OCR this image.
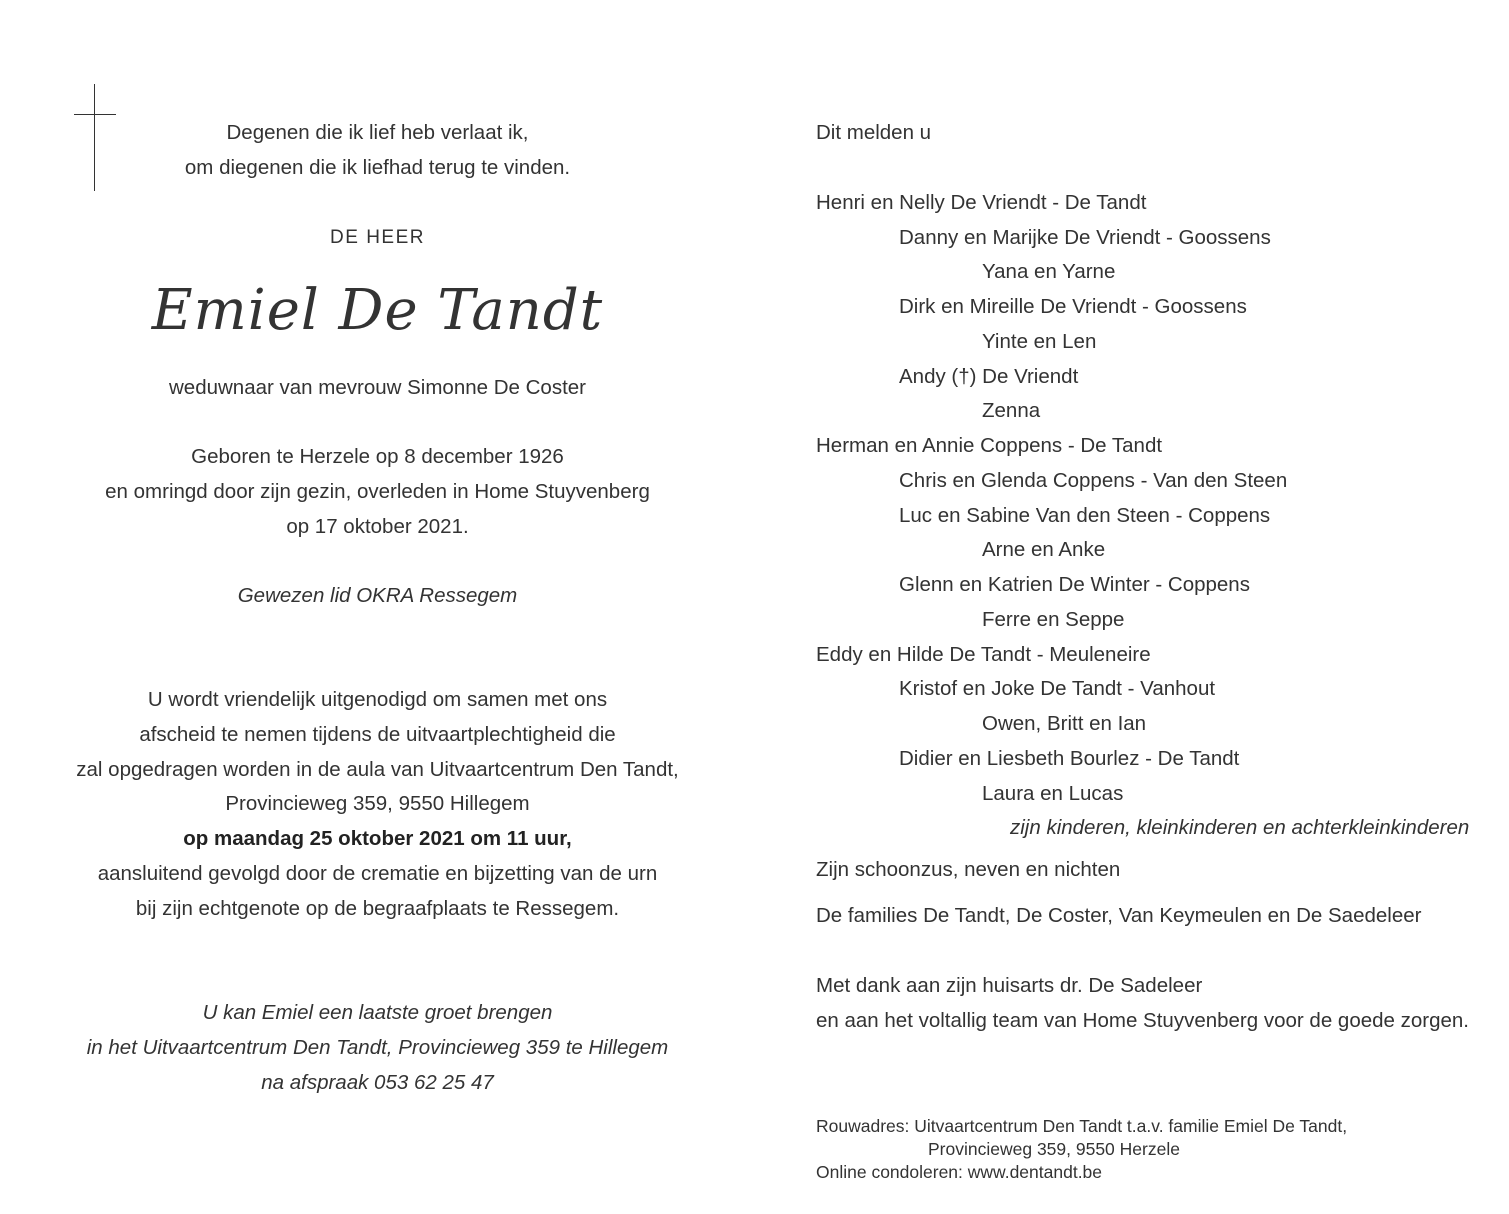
Degenen die ik lief heb verlaat ik,
om diegenen die ik liefhad terug te vinden.
DE HEER
Emiel De Tandt
weduwnaar van mevrouw Simonne De Coster
Geboren te Herzele op 8 december 1926
en omringd door zijn gezin, overleden in Home Stuyvenberg
op 17 oktober 2021.
Gewezen lid OKRA Ressegem
U wordt vriendelijk uitgenodigd om samen met ons
afscheid te nemen tijdens de uitvaartplechtigheid die
zal opgedragen worden in de aula van Uitvaartcentrum Den Tandt,
Provincieweg 359, 9550 Hillegem
op maandag 25 oktober 2021 om 11 uur,
aansluitend gevolgd door de crematie en bijzetting van de urn
bij zijn echtgenote op de begraafplaats te Ressegem.
U kan Emiel een laatste groet brengen
in het Uitvaartcentrum Den Tandt, Provincieweg 359 te Hillegem
na afspraak 053 62 25 47
Dit melden u
Henri en Nelly De Vriendt - De Tandt
Danny en Marijke De Vriendt - Goossens
Yana en Yarne
Dirk en Mireille De Vriendt - Goossens
Yinte en Len
Andy (†) De Vriendt
Zenna
Herman en Annie Coppens - De Tandt
Chris en Glenda Coppens - Van den Steen
Luc en Sabine Van den Steen - Coppens
Arne en Anke
Glenn en Katrien De Winter - Coppens
Ferre en Seppe
Eddy en Hilde De Tandt - Meuleneire
Kristof en Joke De Tandt - Vanhout
Owen, Britt en Ian
Didier en Liesbeth Bourlez - De Tandt
Laura en Lucas
zijn kinderen, kleinkinderen en achterkleinkinderen
Zijn schoonzus, neven en nichten
De families De Tandt, De Coster, Van Keymeulen en De Saedeleer
Met dank aan zijn huisarts dr. De Sadeleer
en aan het voltallig team van Home Stuyvenberg voor de goede zorgen.
Rouwadres: Uitvaartcentrum Den Tandt t.a.v. familie Emiel De Tandt,
Provincieweg 359, 9550 Herzele
Online condoleren: www.dentandt.be
